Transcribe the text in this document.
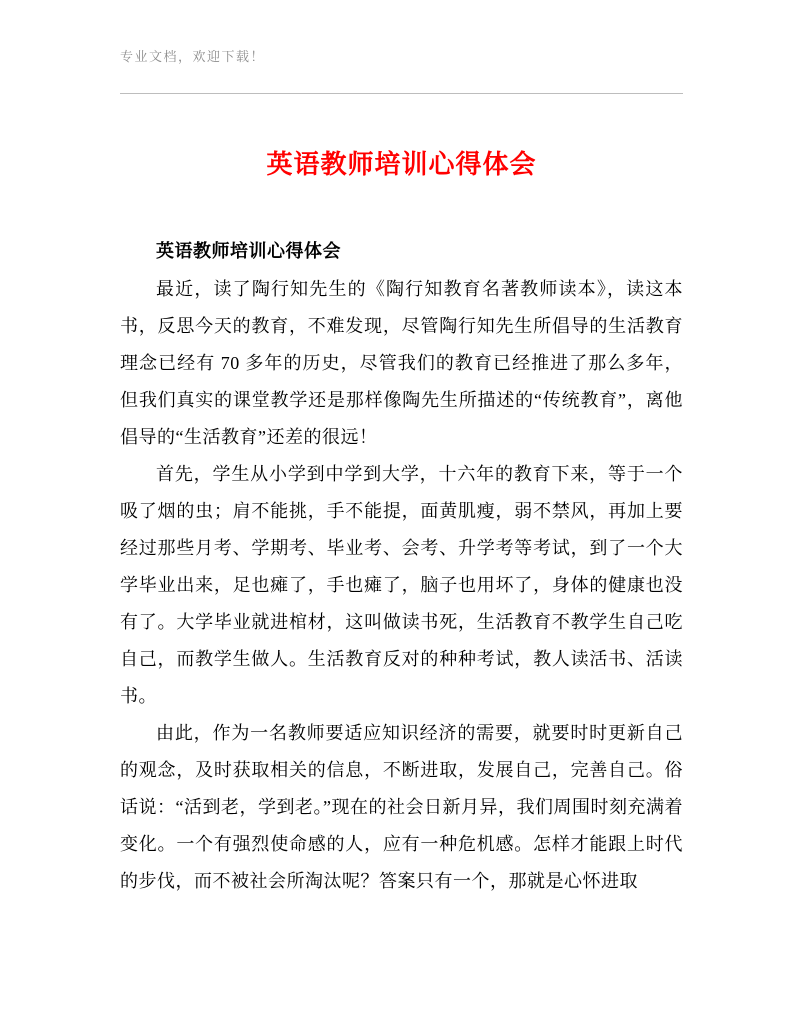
专业文档，欢迎下载！
英语教师培训心得体会
英语教师培训心得体会

最近，读了陶行知先生的《陶行知教育名著教师读本》，读这本书，反思今天的教育，不难发现，尽管陶行知先生所倡导的生活教育理念已经有 70 多年的历史，尽管我们的教育已经推进了那么多年，但我们真实的课堂教学还是那样像陶先生所描述的“传统教育”，离他倡导的“生活教育”还差的很远！

首先，学生从小学到中学到大学，十六年的教育下来，等于一个吸了烟的虫；肩不能挑，手不能提，面黄肌瘦，弱不禁风，再加上要经过那些月考、学期考、毕业考、会考、升学考等考试，到了一个大学毕业出来，足也瘫了，手也瘫了，脑子也用坏了，身体的健康也没有了。大学毕业就进棺材，这叫做读书死，生活教育不教学生自己吃自己，而教学生做人。生活教育反对的种种考试，教人读活书、活读书。

由此，作为一名教师要适应知识经济的需要，就要时时更新自己的观念，及时获取相关的信息，不断进取，发展自己，完善自己。俗话说：“活到老，学到老。”现在的社会日新月异，我们周围时刻充满着变化。一个有强烈使命感的人，应有一种危机感。怎样才能跟上时代的步伐，而不被社会所淘汰呢？答案只有一个，那就是心怀进取
